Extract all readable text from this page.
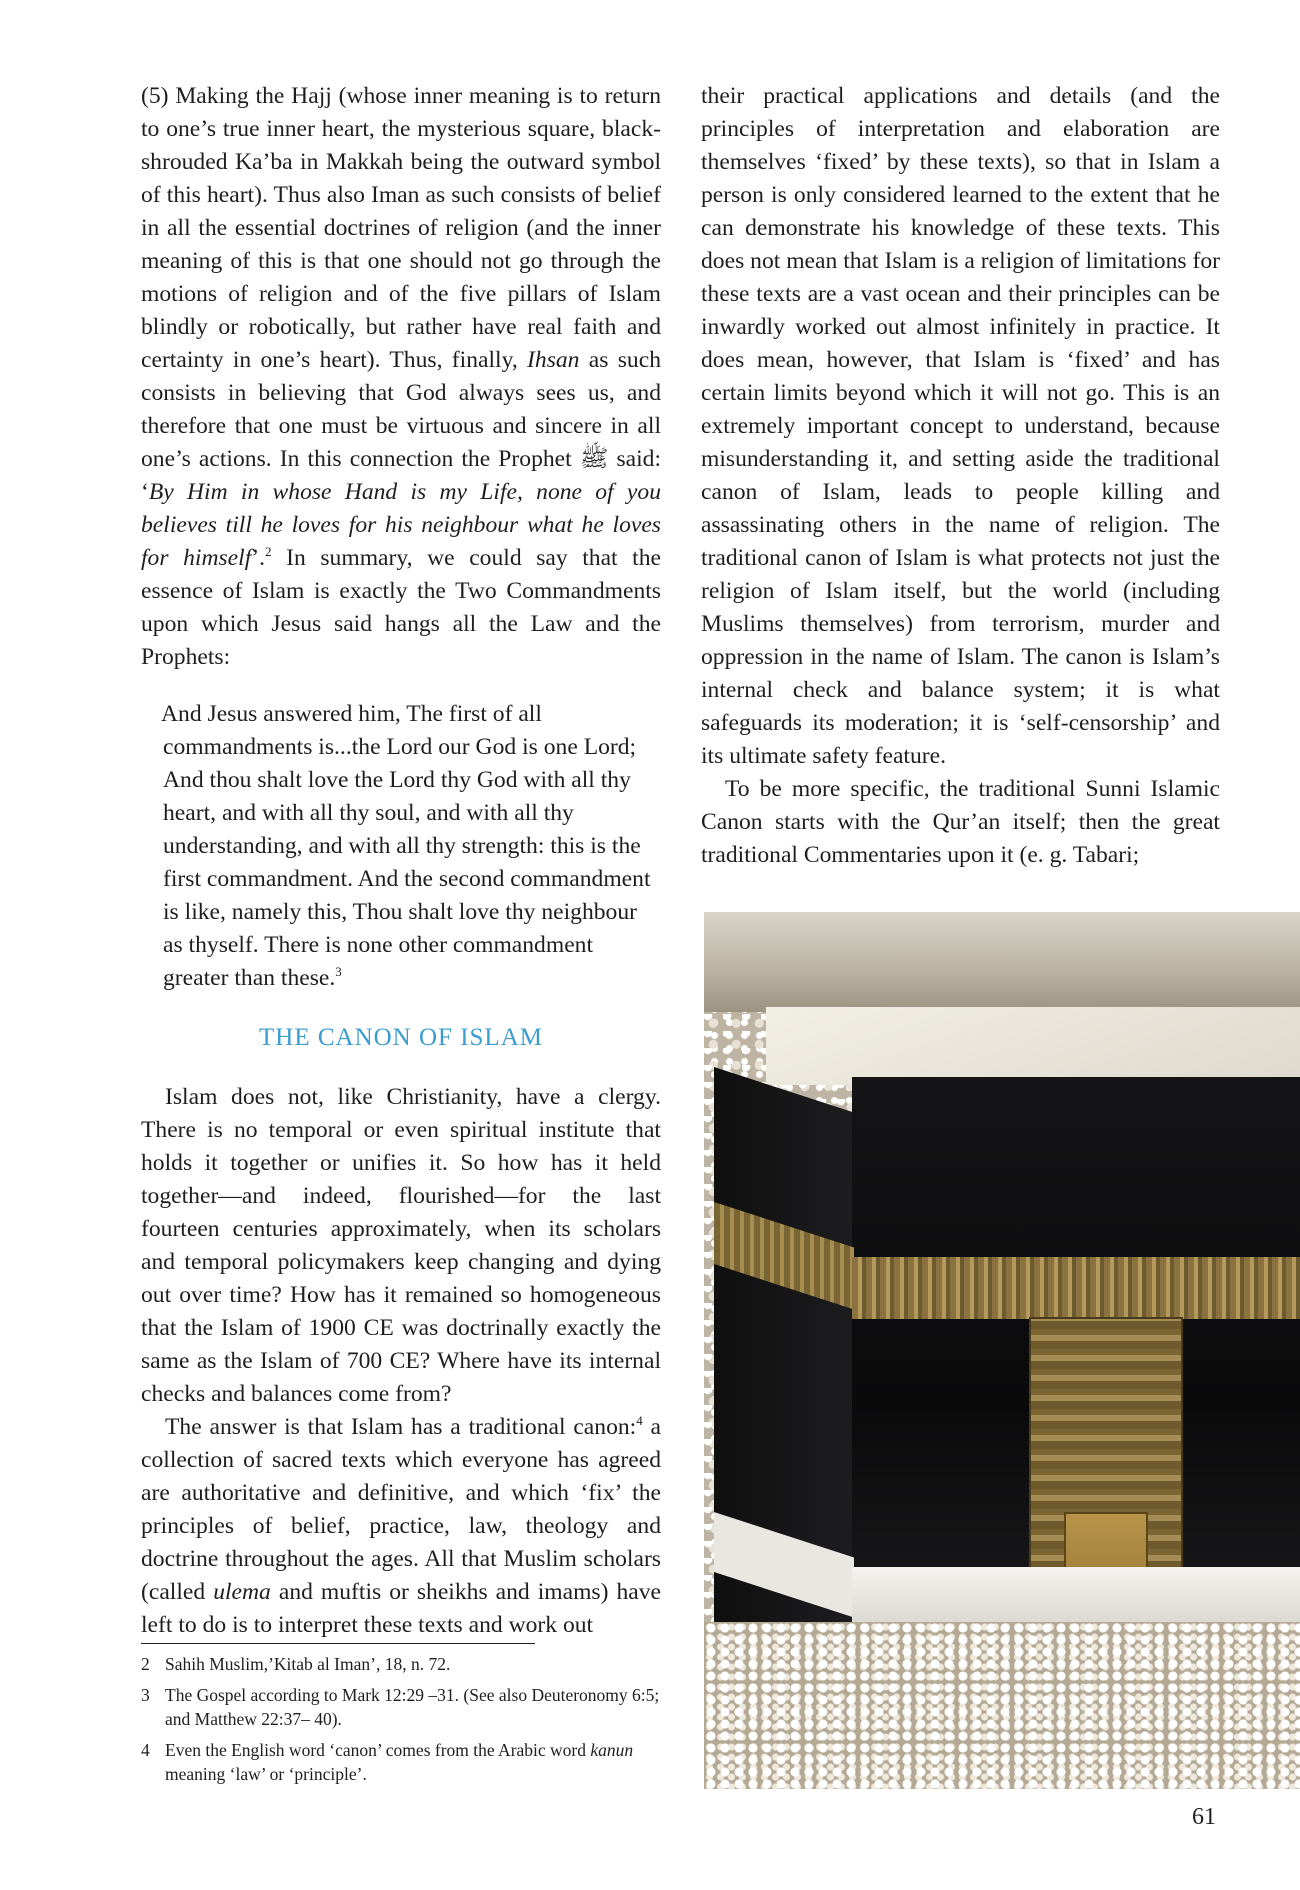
(5) Making the Hajj (whose inner meaning is to return to one’s true inner heart, the mysterious square, black-shrouded Ka’ba in Makkah being the outward symbol of this heart). Thus also Iman as such consists of belief in all the essential doctrines of religion (and the inner meaning of this is that one should not go through the motions of religion and of the five pillars of Islam blindly or robotically, but rather have real faith and certainty in one’s heart). Thus, finally, Ihsan as such consists in believing that God always sees us, and therefore that one must be virtuous and sincere in all one’s actions. In this connection the Prophet ﷺ said: ‘By Him in whose Hand is my Life, none of you believes till he loves for his neighbour what he loves for himself’.$^2$ In summary, we could say that the essence of Islam is exactly the Two Commandments upon which Jesus said hangs all the Law and the Prophets:

And Jesus answered him, The first of all commandments is...the Lord our God is one Lord; And thou shalt love the Lord thy God with all thy heart, and with all thy soul, and with all thy understanding, and with all thy strength: this is the first commandment. And the second commandment is like, namely this, Thou shalt love thy neighbour as thyself. There is none other commandment greater than these.$^3$

THE CANON OF ISLAM

Islam does not, like Christianity, have a clergy. There is no temporal or even spiritual institute that holds it together or unifies it. So how has it held together—and indeed, flourished—for the last fourteen centuries approximately, when its scholars and temporal policymakers keep changing and dying out over time? How has it remained so homogeneous that the Islam of 1900 CE was doctrinally exactly the same as the Islam of 700 CE? Where have its internal checks and balances come from?

The answer is that Islam has a traditional canon:$^4$ a collection of sacred texts which everyone has agreed are authoritative and definitive, and which ‘fix’ the principles of belief, practice, law, theology and doctrine throughout the ages. All that Muslim scholars (called ulema and muftis or sheikhs and imams) have left to do is to interpret these texts and work out

their practical applications and details (and the principles of interpretation and elaboration are themselves ‘fixed’ by these texts), so that in Islam a person is only considered learned to the extent that he can demonstrate his knowledge of these texts. This does not mean that Islam is a religion of limitations for these texts are a vast ocean and their principles can be inwardly worked out almost infinitely in practice. It does mean, however, that Islam is ‘fixed’ and has certain limits beyond which it will not go. This is an extremely important concept to understand, because misunderstanding it, and setting aside the traditional canon of Islam, leads to people killing and assassinating others in the name of religion. The traditional canon of Islam is what protects not just the religion of Islam itself, but the world (including Muslims themselves) from terrorism, murder and oppression in the name of Islam. The canon is Islam’s internal check and balance system; it is what safeguards its moderation; it is ‘self-censorship’ and its ultimate safety feature.

To be more specific, the traditional Sunni Islamic Canon starts with the Qur’an itself; then the great traditional Commentaries upon it (e. g. Tabari;

2 Sahih Muslim,’Kitab al Iman’, 18, n. 72.
3 The Gospel according to Mark 12:29 –31. (See also Deuteronomy 6:5; and Matthew 22:37– 40).
4 Even the English word ‘canon’ comes from the Arabic word kanun meaning ‘law’ or ‘principle’.
61
